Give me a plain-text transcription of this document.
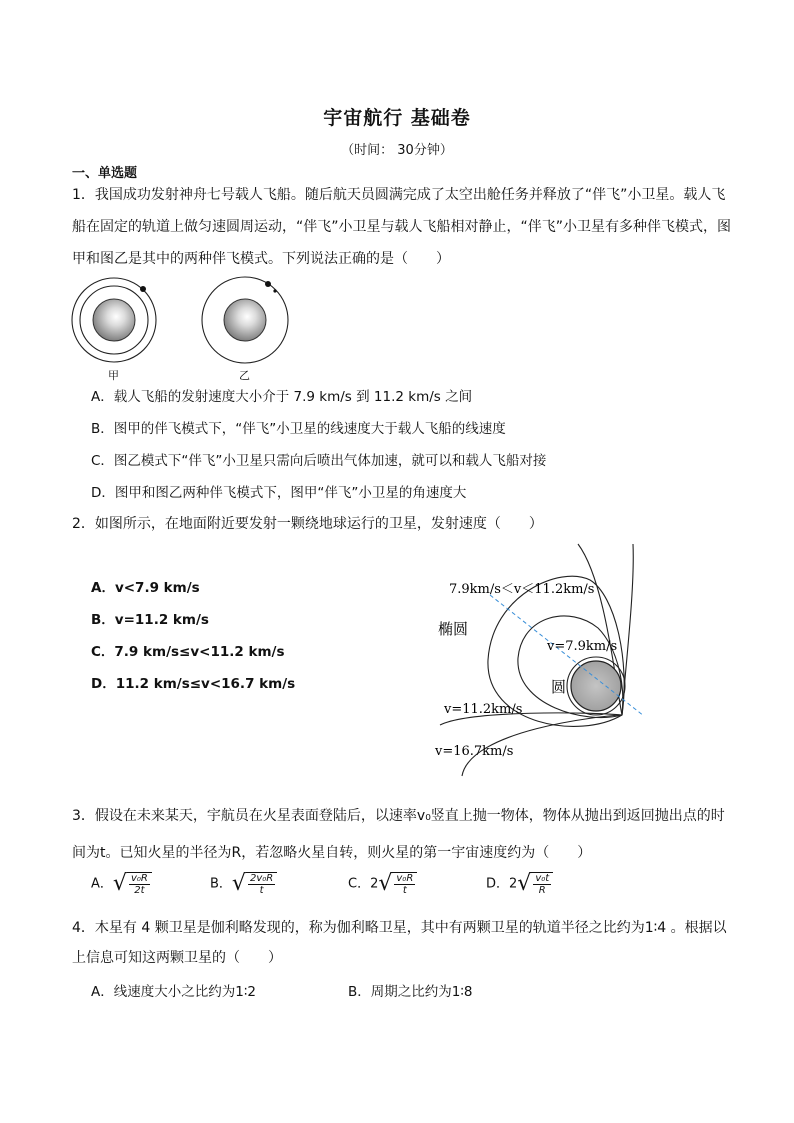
宇宙航行 基础卷
（时间： 30分钟）
一、单选题
1．我国成功发射神舟七号载人飞船。随后航天员圆满完成了太空出舱任务并释放了“伴飞”小卫星。载人飞
船在固定的轨道上做匀速圆周运动，“伴飞”小卫星与载人飞船相对静止，“伴飞”小卫星有多种伴飞模式，图
甲和图乙是其中的两种伴飞模式。下列说法正确的是（　　）
甲	乙
A．载人飞船的发射速度大小介于 7.9 km/s 到 11.2 km/s 之间
B．图甲的伴飞模式下，“伴飞”小卫星的线速度大于载人飞船的线速度
C．图乙模式下“伴飞”小卫星只需向后喷出气体加速，就可以和载人飞船对接
D．图甲和图乙两种伴飞模式下，图甲“伴飞”小卫星的角速度大
2．如图所示，在地面附近要发射一颗绕地球运行的卫星，发射速度（　　）
A．v<7.9 km/s
B．v=11.2 km/s
C．7.9 km/s≤v<11.2 km/s
D．11.2 km/s≤v<16.7 km/s
7.9km/s＜v＜11.2km/s
椭圆
v=7.9km/s
圆
v=11.2km/s
v=16.7km/s
3．假设在未来某天，宇航员在火星表面登陆后，以速率v₀竖直上抛一物体，物体从抛出到返回抛出点的时
间为t。已知火星的半径为R，若忽略火星自转，则火星的第一宇宙速度约为（　　）
A．√ $\frac{\text{v₀R}}{2t}$	B．√ $\frac{\text{2v₀R}}{t}$	C．$2√ \frac{\text{v₀R}}{t}$	D．$2√ \frac{\text{v₀t}}{R}$
4．木星有 4 颗卫星是伽利略发现的，称为伽利略卫星，其中有两颗卫星的轨道半径之比约为1∶4 。根据以
上信息可知这两颗卫星的（　　）
A．线速度大小之比约为1∶2	B．周期之比约为1∶8
